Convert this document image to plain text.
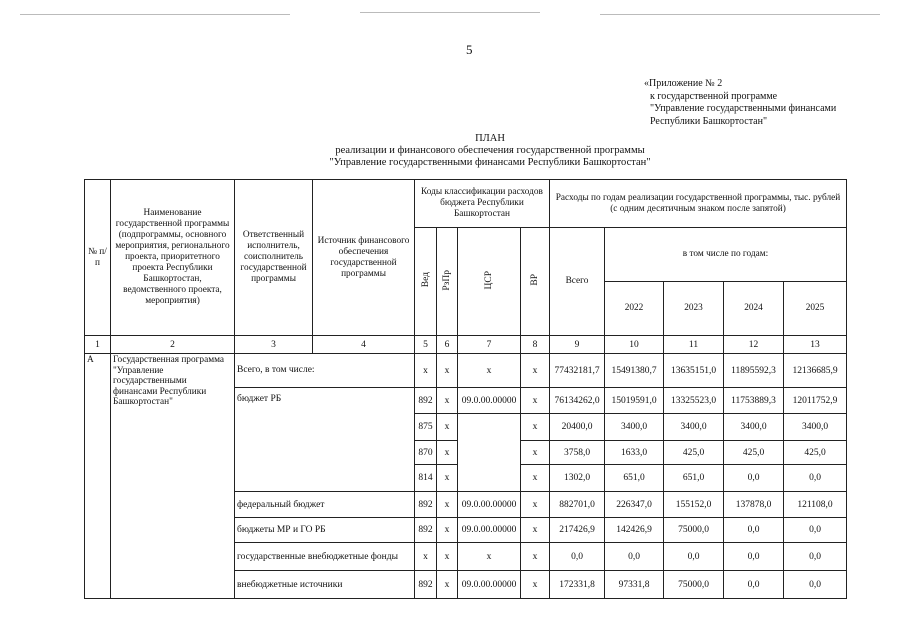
5
«Приложение № 2
к государственной программе
"Управление государственными финансами
Республики Башкортостан"
ПЛАН
реализации и финансового обеспечения государственной программы
"Управление государственными финансами Республики Башкортостан"
№ п/п	Наименование государственной программы (подпрограммы, основного мероприятия, регионального проекта, приоритетного проекта Республики Башкортостан, ведомственного проекта, мероприятия)	Ответственный исполнитель, соисполнитель государственной программы	Источник финансового обеспечения государственной программы	Коды классификации расходов бюджета Республики Башкортостан				Расходы по годам реализации государственной программы, тыс. рублей (с одним десятичным знаком после запятой)				
				Вед	РзПр	ЦСР	ВР	Всего	в том числе по годам:			
									2022	2023	2024	2025
1	2	3	4	5	6	7	8	9	10	11	12	13
А	Государственная программа "Управление государственными финансами Республики Башкортостан"	Всего, в том числе:		х	х	х	х	77432181,7	15491380,7	13635151,0	11895592,3	12136685,9
		бюджет РБ		892	х	09.0.00.00000	х	76134262,0	15019591,0	13325523,0	11753889,3	12011752,9
				875	х		х	20400,0	3400,0	3400,0	3400,0	3400,0
				870	х		х	3758,0	1633,0	425,0	425,0	425,0
				814	х		х	1302,0	651,0	651,0	0,0	0,0
		федеральный бюджет		892	х	09.0.00.00000	х	882701,0	226347,0	155152,0	137878,0	121108,0
		бюджеты МР и ГО РБ		892	х	09.0.00.00000	х	217426,9	142426,9	75000,0	0,0	0,0
		государственные внебюджетные фонды		х	х	х	х	0,0	0,0	0,0	0,0	0,0
		внебюджетные источники		892	х	09.0.00.00000	х	172331,8	97331,8	75000,0	0,0	0,0
